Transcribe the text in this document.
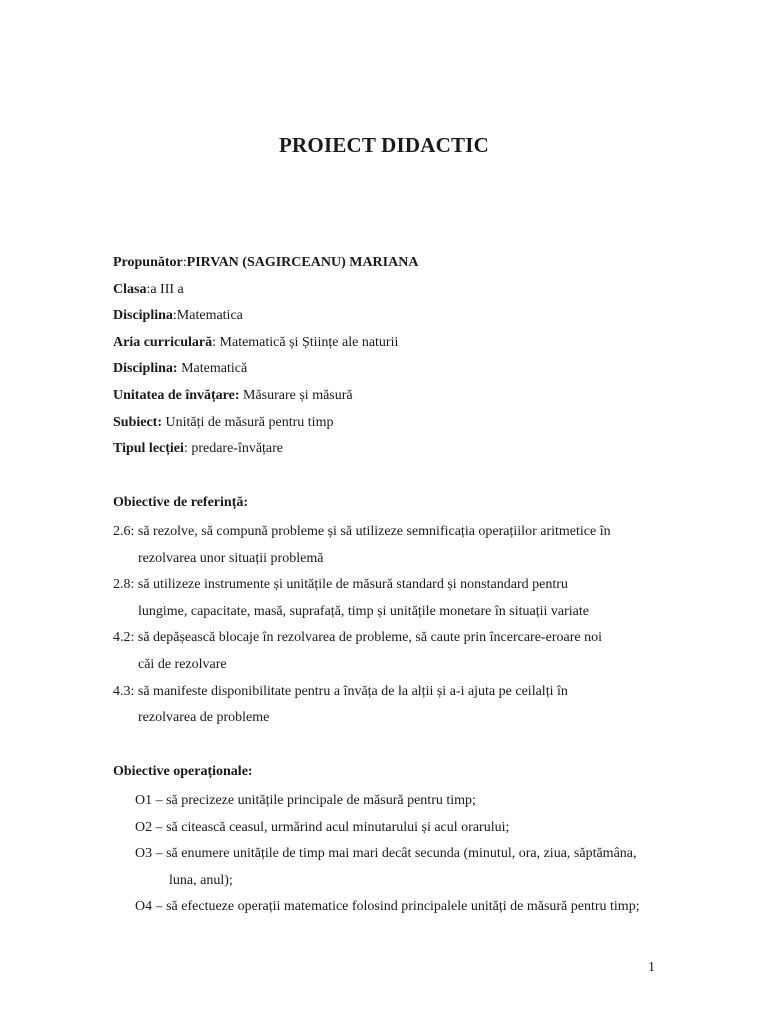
PROIECT DIDACTIC
Propunător:PIRVAN (SAGIRCEANU) MARIANA
Clasa:a III a
Disciplina:Matematica
Aria curriculară: Matematică și Științe ale naturii
Disciplina: Matematică
Unitatea de învățare: Măsurare și măsură
Subiect: Unități de măsură pentru timp
Tipul lecției: predare-învățare
Obiective de referință:
2.6: să rezolve, să compună probleme și să utilizeze semnificația operațiilor aritmetice în
rezolvarea unor situații problemă
2.8: să utilizeze instrumente și unitățile de măsură standard și nonstandard pentru
lungime, capacitate, masă, suprafață, timp și unitățile monetare în situații variate
4.2: să depășească blocaje în rezolvarea de probleme, să caute prin încercare-eroare noi
căi de rezolvare
4.3: să manifeste disponibilitate pentru a învăța de la alții și a-i ajuta pe ceilalți în
rezolvarea de probleme
Obiective operaționale:
O1 – să precizeze unitățile principale de măsură pentru timp;
O2 – să citească ceasul, urmărind acul minutarului și acul orarului;
O3 – să enumere unitățile de timp mai mari decât secunda (minutul, ora, ziua, săptămâna,
luna, anul);
O4 – să efectueze operații matematice folosind principalele unități de măsură pentru timp;
1
